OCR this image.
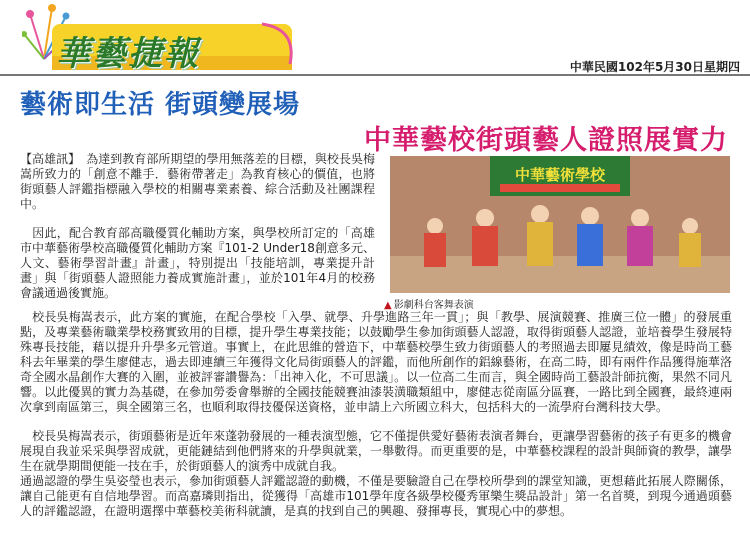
華藝捷報	中華民國102年5月30日星期四
藝術即生活 街頭變展場
中華藝校街頭藝人證照展實力

【高雄訊】　為達到教育部所期望的學用無落差的目標，與校長吳梅嵩所致力的「創意不離手．藝術帶著走」為教育核心的價值，也將街頭藝人評鑑指標融入學校的相關專業素養、綜合活動及社團課程中。

　因此，配合教育部高職優質化輔助方案，與學校所訂定的「高雄市中華藝術學校高職優質化輔助方案『101-2 Under18創意多元、人文、藝術學習計畫』計畫」，特別提出「技能培訓，專業提升計畫」與「街頭藝人證照能力養成實施計畫」，並於101年4月的校務會議通過後實施。

中華藝術學校
▲ 影劇科台客舞表演

　校長吳梅嵩表示，此方案的實施，在配合學校「入學、就學、升學進路三年一貫」；與「教學、展演競賽、推廣三位一體」的發展重點，及專業藝術職業學校務實致用的目標，提升學生專業技能；以鼓勵學生參加街頭藝人認證，取得街頭藝人認證，並培養學生發展特殊專長技能，藉以提升升學多元管道。事實上，在此思維的營造下，中華藝校學生致力街頭藝人的考照過去即屢見績效，像是時尚工藝科去年畢業的學生廖健志，過去即連續三年獲得文化局街頭藝人的評鑑，而他所創作的鋁線藝術，在高二時，即有兩件作品獲得施華洛奇全國水晶創作大賽的入圍，並被評審讚譽為：「出神入化，不可思議」。以一位高二生而言，與全國時尚工藝設計師抗衡，果然不同凡響。以此優異的實力為基礎，在參加勞委會舉辦的全國技能競賽油漆裝潢職類組中，廖健志從南區分區賽，一路比到全國賽，最終連兩次拿到南區第三，與全國第三名，也順利取得技優保送資格，並申請上六所國立科大，包括科大的一流學府台灣科技大學。

　校長吳梅嵩表示，街頭藝術是近年來蓬勃發展的一種表演型態，它不僅提供愛好藝術表演者舞台，更讓學習藝術的孩子有更多的機會展現自我並采采與學習成就，更能鏈結到他們將來的升學與就業，一舉數得。而更重要的是，中華藝校課程的設計與師資的教學，讓學生在就學期間便能一技在手，於街頭藝人的演秀中成就自我。

通過認證的學生吳姿瑩也表示，參加街頭藝人評鑑認證的動機，不僅是要驗證自己在學校所學到的課堂知識，更想藉此拓展人際關係，讓自己能更有自信地學習。而高嘉璘則指出，從獲得「高雄市101學年度各級學校優秀軍樂生獎品設計」第一名首獎，到現今通過頭藝人的評鑑認證，在證明選擇中華藝校美術科就讀，是真的找到自己的興趣、發揮專長，實現心中的夢想。
